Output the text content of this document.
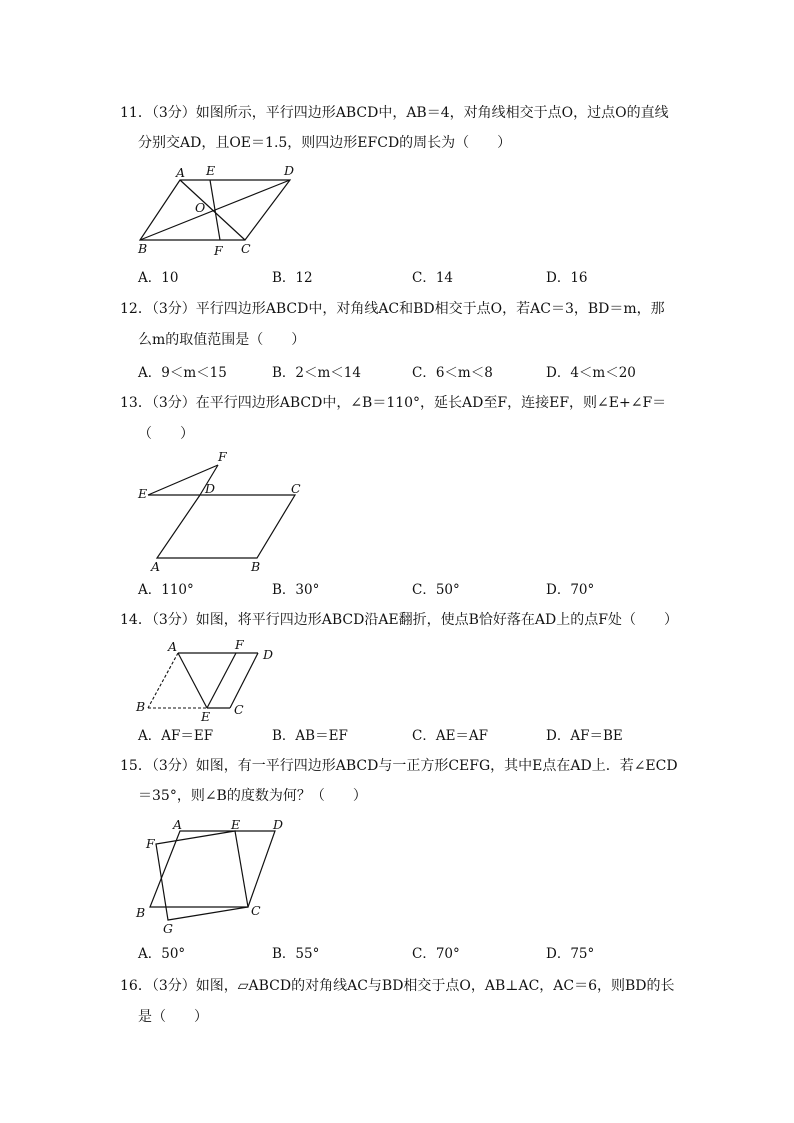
11．（3分）如图所示，平行四边形ABCD中，AB＝4，对角线相交于点O，过点O的直线
分别交AD，且OE＝1.5，则四边形EFCD的周长为（　　）
A E	D
O
B	F C
A．10	B．12	C．14	D．16
12．（3分）平行四边形ABCD中，对角线AC和BD相交于点O，若AC＝3，BD＝m，那
么m的取值范围是（　　）
A．9＜m＜15	B．2＜m＜14	C．6＜m＜8	D．4＜m＜20
13．（3分）在平行四边形ABCD中，∠B＝110°，延长AD至F，连接EF，则∠E+∠F＝
（　　）
F
E	D	C
A	B
A．110°	B．30°	C．50°	D．70°
14．（3分）如图，将平行四边形ABCD沿AE翻折，使点B恰好落在AD上的点F处（　　）
A	F
D
B
E C
A．AF＝EF	B．AB＝EF	C．AE＝AF	D．AF＝BE
15．（3分）如图，有一平行四边形ABCD与一正方形CEFG，其中E点在AD上．若∠ECD
＝35°，则∠B的度数为何？（　　）
A	E	D
F
B
G
C
A．50°	B．55°	C．70°	D．75°
16．（3分）如图，▱ABCD的对角线AC与BD相交于点O，AB⊥AC，AC＝6，则BD的长
是（　　）
